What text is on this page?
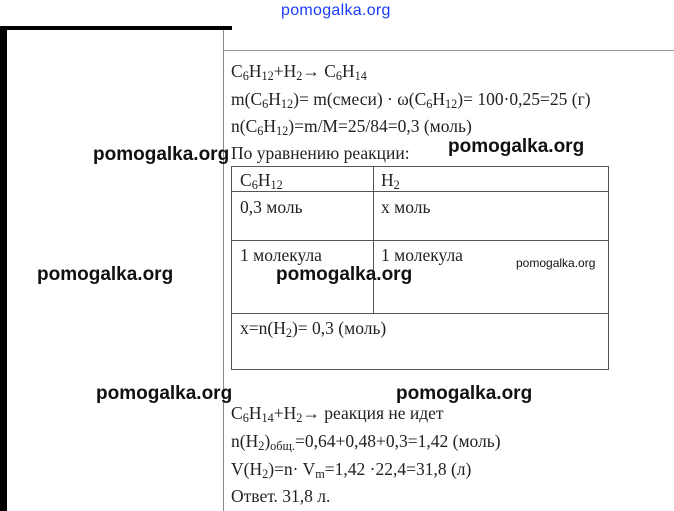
pomogalka.org
$C_6H_{12}+H_2\to C_6H_{14}$
$m(C_6H_{12})=$ m(смеси) · $\omega(C_6H_{12})= 100\cdot 0,25=25$ (г)
$n(C_6H_{12})=m/M=25/84=0,3$ (моль)
По уравнению реакции:
$C_6H_{12}$	$H_2$
0,3 моль	x моль
1 молекула	1 молекула
$x=n(H_2)= 0,3$ (моль)
$C_6H_{14}+H_2\to$ реакция не идет
$n(H_2)_{общ.}=0,64+0,48+0,3=1,42$ (моль)
$V(H_2)=n\cdot V_m=1,42 \cdot 22,4=31,8$ (л)
Ответ. 31,8 л.
pomogalka.org	pomogalka.org
pomogalka.org	pomogalka.org
pomogalka.org
pomogalka.org	pomogalka.org
